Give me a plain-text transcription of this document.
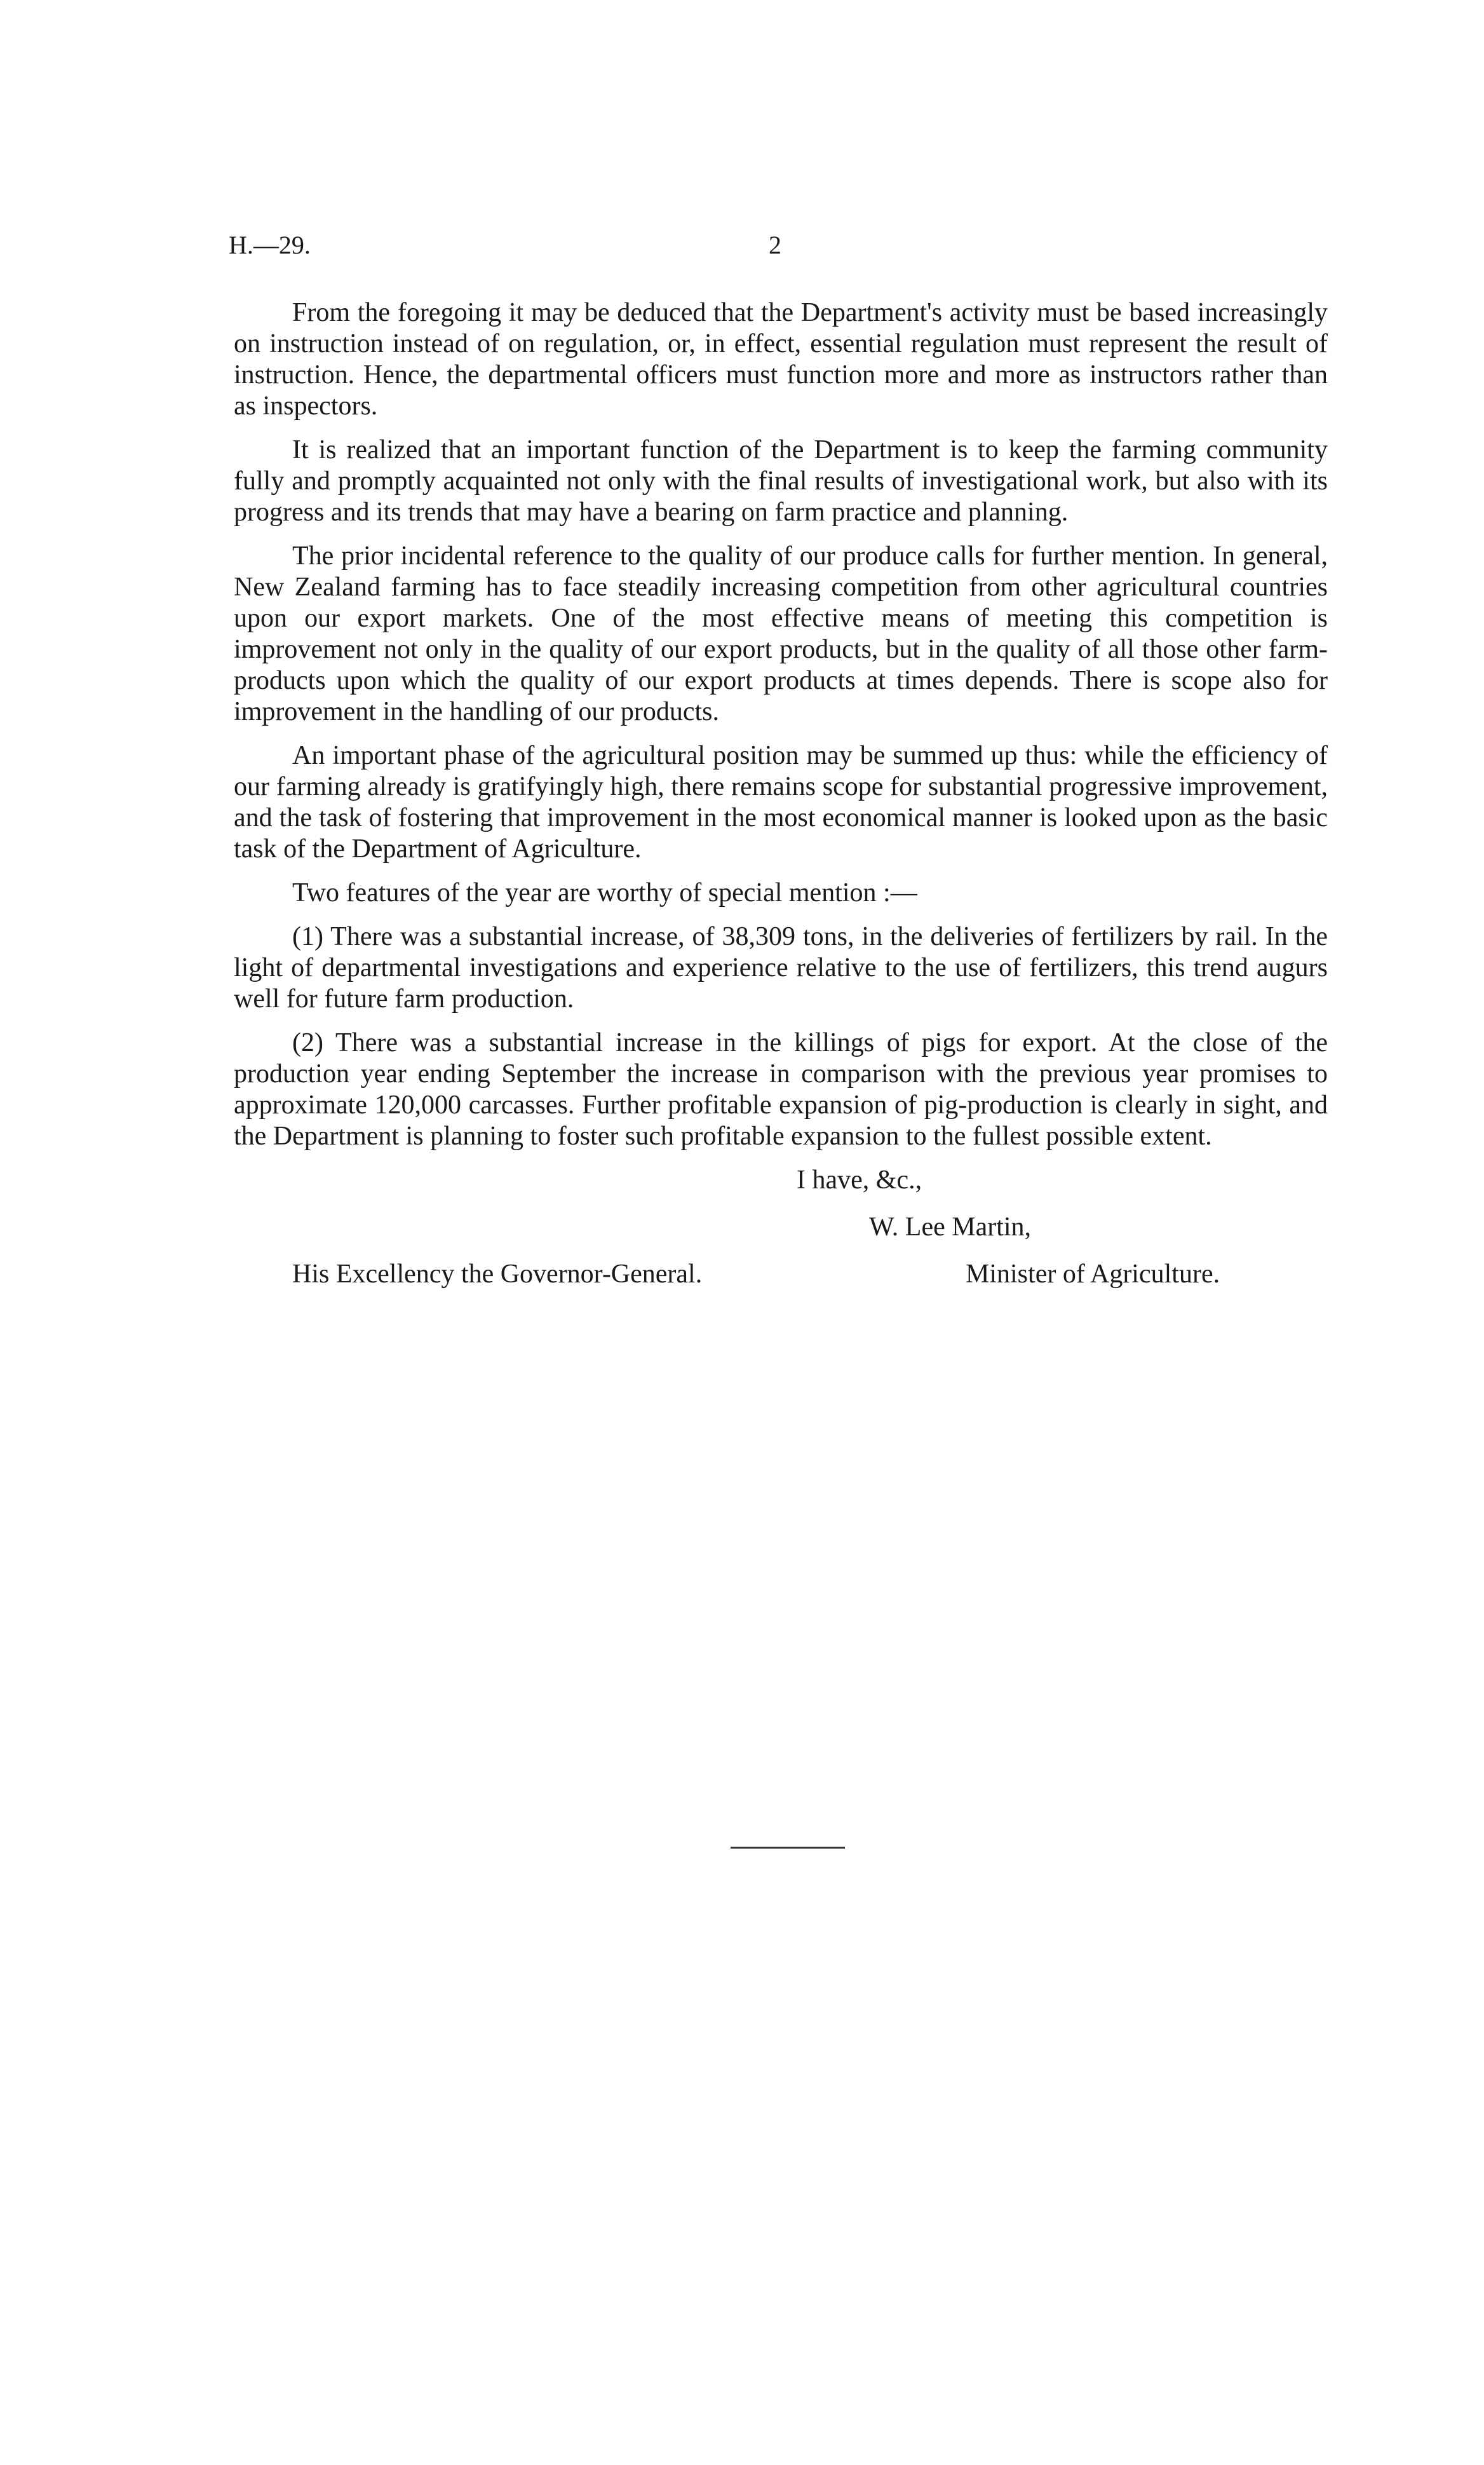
H.—29.	2

From the foregoing it may be deduced that the Department's activity must be based increasingly on instruction instead of on regulation, or, in effect, essential regulation must represent the result of instruction. Hence, the departmental officers must function more and more as instructors rather than as inspectors.

It is realized that an important function of the Department is to keep the farming community fully and promptly acquainted not only with the final results of investigational work, but also with its progress and its trends that may have a bearing on farm practice and planning.

The prior incidental reference to the quality of our produce calls for further mention. In general, New Zealand farming has to face steadily increasing competition from other agricultural countries upon our export markets. One of the most effective means of meeting this competition is improvement not only in the quality of our export products, but in the quality of all those other farm-products upon which the quality of our export products at times depends. There is scope also for improvement in the handling of our products.

An important phase of the agricultural position may be summed up thus: while the efficiency of our farming already is gratifyingly high, there remains scope for substantial progressive improvement, and the task of fostering that improvement in the most economical manner is looked upon as the basic task of the Department of Agriculture.

Two features of the year are worthy of special mention :—

(1) There was a substantial increase, of 38,309 tons, in the deliveries of fertilizers by rail. In the light of departmental investigations and experience relative to the use of fertilizers, this trend augurs well for future farm production.

(2) There was a substantial increase in the killings of pigs for export. At the close of the production year ending September the increase in comparison with the previous year promises to approximate 120,000 carcasses. Further profitable expansion of pig-production is clearly in sight, and the Department is planning to foster such profitable expansion to the fullest possible extent.

I have, &c.,
W. Lee Martin,
His Excellency the Governor-General.	Minister of Agriculture.
